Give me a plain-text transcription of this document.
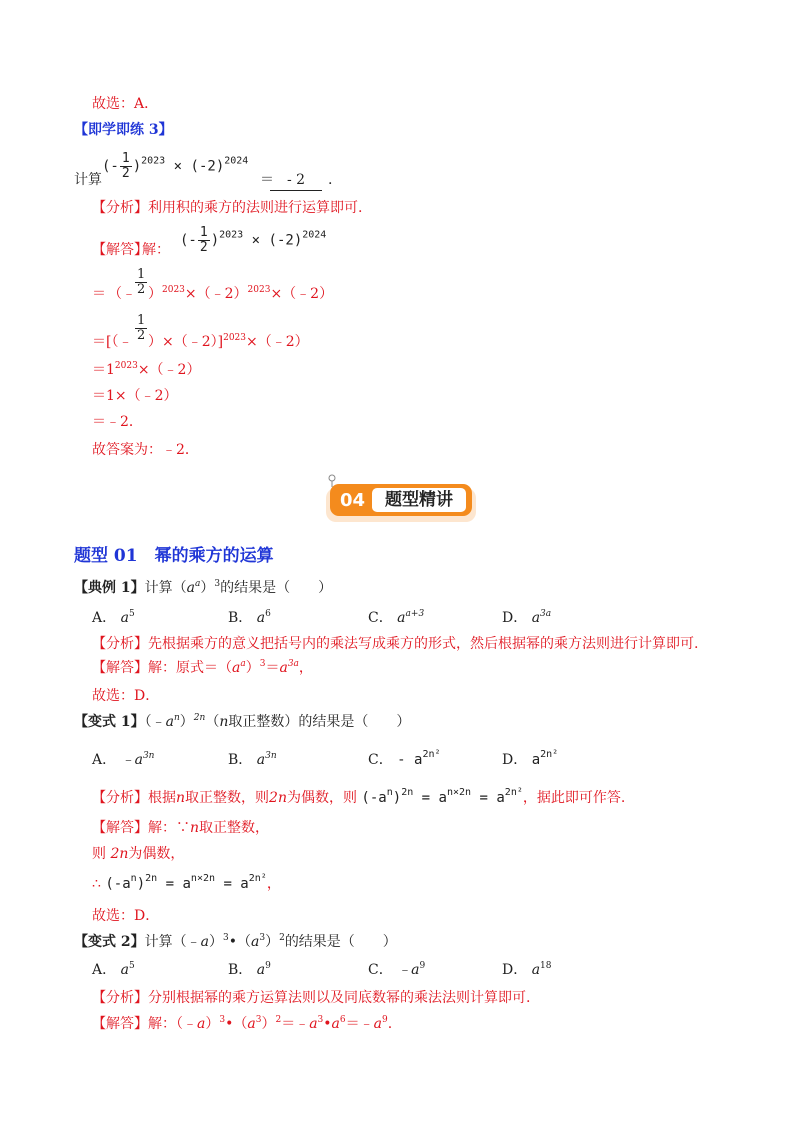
故选：A．
【即学即练 3】
计算
(- $\frac{1}{2} )^{2023} \times (-2)^{2024}$
＝ - 2	.
【分析】利用积的乘方的法则进行运算即可.
【解答】
解：
(- $\frac{1}{2} )^{2023} \times (-2)^{2024}$
＝ （﹣ $\frac{1}{2}$ ）$^{2023}$×（﹣2）$^{2023}$×（﹣2）
＝[（﹣ $\frac{1}{2}$ ）×（﹣2）]$^{2023}$×（﹣2）
$=1^{2023}\times(﹣2)$
＝1×（﹣2）
＝﹣2．
故答案为：﹣2．
04	题型精讲
题型 01　幂的乘方的运算
【典例 1】计算$(a^a)^3$的结果是（　　）
A． $a^5$	B． $a^6$	C． $a^{a+3}$	D． $a^{3a}$
【分析】先根据乘方的意义把括号内的乘法写成乘方的形式，然后根据幂的乘方法则进行计算即可.
【解答】解：原式$=(a^a)^3=a^{3a}$，
故选：D．
【变式 1】$(﹣a^n)^{2n}(n$取正整数）的结果是（　　）
A． $﹣a^{3n}$	B． $a^{3n}$	C． - $a^{2n^2}$	D． $a^{2n^2}$
【分析】根据n取正整数，则2n为偶数，则 $(-a^n)^{2n} = a^{n\times 2n} = a^{2n^2}$，据此即可作答.
【解答】解：∵n取正整数，
则 2n为偶数，
∴ $(-a^n)^{2n} = a^{n\times 2n} = a^{2n^2}$，
故选：D．
【变式 2】计算$(﹣a)^3•(a^3)^2$的结果是（　　）
A． $a^5$	B． $a^9$	C． $﹣a^9$	D． $a^{18}$
【分析】分别根据幂的乘方运算法则以及同底数幂的乘法法则计算即可.
【解答】解：$(﹣a)^3•(a^3)^2=﹣a^3•a^6=﹣a^9$.
